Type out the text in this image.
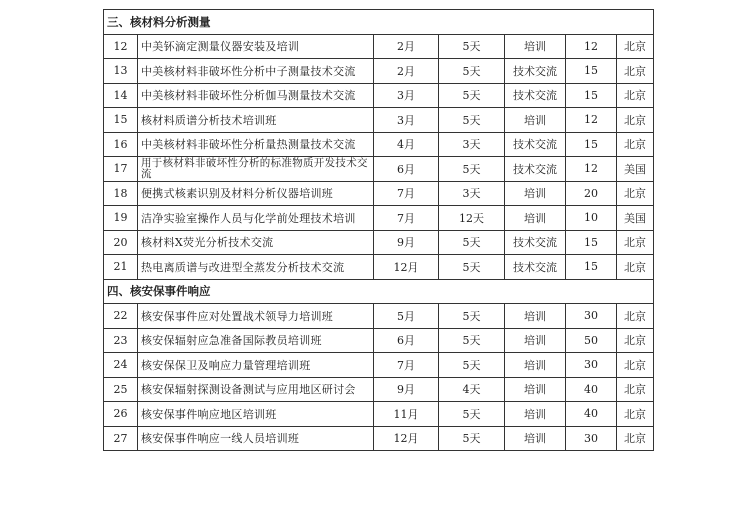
三、核材料分析测量						
12	中美钚滴定测量仪器安装及培训	2月	5天	培训	12	北京
13	中美核材料非破坏性分析中子测量技术交流	2月	5天	技术交流	15	北京
14	中美核材料非破坏性分析伽马测量技术交流	3月	5天	技术交流	15	北京
15	核材料质谱分析技术培训班	3月	5天	培训	12	北京
16	中美核材料非破坏性分析量热测量技术交流	4月	3天	技术交流	15	北京
17	用于核材料非破坏性分析的标准物质开发技术交流	6月	5天	技术交流	12	美国
18	便携式核素识别及材料分析仪器培训班	7月	3天	培训	20	北京
19	洁净实验室操作人员与化学前处理技术培训	7月	12天	培训	10	美国
20	核材料X荧光分析技术交流	9月	5天	技术交流	15	北京
21	热电离质谱与改进型全蒸发分析技术交流	12月	5天	技术交流	15	北京
四、核安保事件响应						
22	核安保事件应对处置战术领导力培训班	5月	5天	培训	30	北京
23	核安保辐射应急准备国际教员培训班	6月	5天	培训	50	北京
24	核安保保卫及响应力量管理培训班	7月	5天	培训	30	北京
25	核安保辐射探测设备测试与应用地区研讨会	9月	4天	培训	40	北京
26	核安保事件响应地区培训班	11月	5天	培训	40	北京
27	核安保事件响应一线人员培训班	12月	5天	培训	30	北京
